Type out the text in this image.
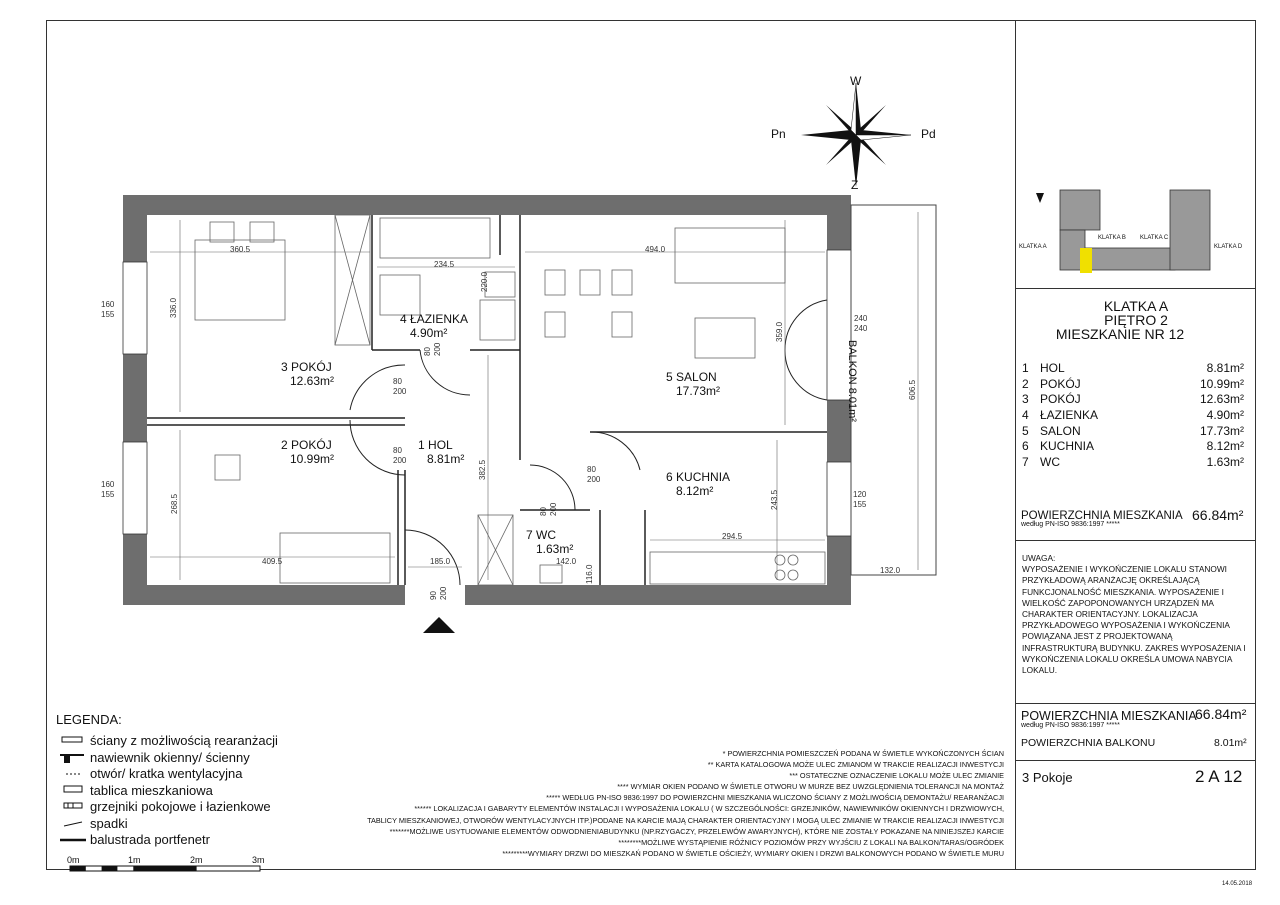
W
Z
Pn	Pd
3 POKÓJ
12.63m²
2 POKÓJ
10.99m²
4 ŁAZIENKA
4.90m²
1 HOL
8.81m²
5 SALON
17.73m²
6 KUCHNIA
8.12m²
7 WC
1.63m²
BALKON 8.01m²
360.5
336.0
234.5
220.0
494.0
359.0
240
240
606.5
160
155
160
155
80
200
80
200
80 200
80
200
80 200
382.5
268.5
409.5	185.0
90 200
294.5
243.5	120
155
142.0
116.0	132.0
KLATKA A
KLATKA B KLATKA C
KLATKA D
KLATKA A
PIĘTRO 2
MIESZKANIE NR 12
1 HOL	8.81m²
2 POKÓJ	10.99m²
3 POKÓJ	12.63m²
4 ŁAZIENKA	4.90m²
5 SALON	17.73m²
6 KUCHNIA	8.12m²
7 WC	1.63m²
POWIERZCHNIA MIESZKANIA
według PN-ISO 9836:1997 *****
66.84m²
UWAGA:
WYPOSAŻENIE I WYKOŃCZENIE LOKALU STANOWI PRZYKŁADOWĄ ARANŻACJĘ OKREŚLAJĄCĄ FUNKCJONALNOŚĆ MIESZKANIA. WYPOSAŻENIE I WIELKOŚĆ ZAPOPONOWANYCH URZĄDZEŃ MA CHARAKTER ORIENTACYJNY. LOKALIZACJA PRZYKŁADOWEGO WYPOSAŻENIA I WYKOŃCZENIA POWIĄZANA JEST Z PROJEKTOWANĄ INFRASTRUKTURĄ BUDYNKU. ZAKRES WYPOSAŻENIA I WYKOŃCZENIA LOKALU OKREŚLA UMOWA NABYCIA LOKALU.
POWIERZCHNIA MIESZKANIA
66.84m²
według PN-ISO 9836:1997 *****
POWIERZCHNIA BALKONU	8.01m²
3 Pokoje	2 A 12
LEGENDA:
ściany z możliwością rearanżacji
nawiewnik okienny/ ścienny
otwór/ kratka wentylacyjna
tablica mieszkaniowa
grzejniki pokojowe i łazienkowe
spadki
balustrada portfenetr
* POWIERZCHNIA POMIESZCZEŃ PODANA W ŚWIETLE WYKOŃCZONYCH ŚCIAN
** KARTA KATALOGOWA MOŻE ULEC ZMIANOM W TRAKCIE REALIZACJI INWESTYCJI
*** OSTATECZNE OZNACZENIE LOKALU MOŻE ULEC ZMIANIE
**** WYMIAR OKIEN PODANO W ŚWIETLE OTWORU W MURZE BEZ UWZGLĘDNIENIA TOLERANCJI NA MONTAŻ
***** WEDŁUG PN-ISO 9836:1997 DO POWIERZCHNI MIESZKANIA WLICZONO ŚCIANY Z MOŻLIWOŚCIĄ DEMONTAŻU/ REARANŻACJI
****** LOKALIZACJA I GABARYTY ELEMENTÓW INSTALACJI I WYPOSAŻENIA LOKALU ( W SZCZEGÓLNOŚCI: GRZEJNIKÓW, NAWIEWNIKÓW OKIENNYCH I DRZWIOWYCH,
TABLICY MIESZKANIOWEJ, OTWORÓW WENTYLACYJNYCH ITP.)PODANE NA KARCIE MAJĄ CHARAKTER ORIENTACYJNY I MOGĄ ULEC ZMIANIE W TRAKCIE REALIZACJI INWESTYCJI
*******MOŻLIWE USYTUOWANIE ELEMENTÓW ODWODNIENIABUDYNKU (NP.RZYGACZY, PRZELEWÓW AWARYJNYCH), KTÓRE NIE ZOSTAŁY POKAZANE NA NINIEJSZEJ KARCIE
********MOŻLIWE WYSTĄPIENIE RÓŻNICY POZIOMÓW PRZY WYJŚCIU Z LOKALI NA BALKON/TARAS/OGRÓDEK
*********WYMIARY DRZWI DO MIESZKAŃ PODANO W ŚWIETLE OŚCIEŻY, WYMIARY OKIEN I DRZWI BALKONOWYCH PODANO W ŚWIETLE MURU
0m	1m	2m	3m
14.05.2018
